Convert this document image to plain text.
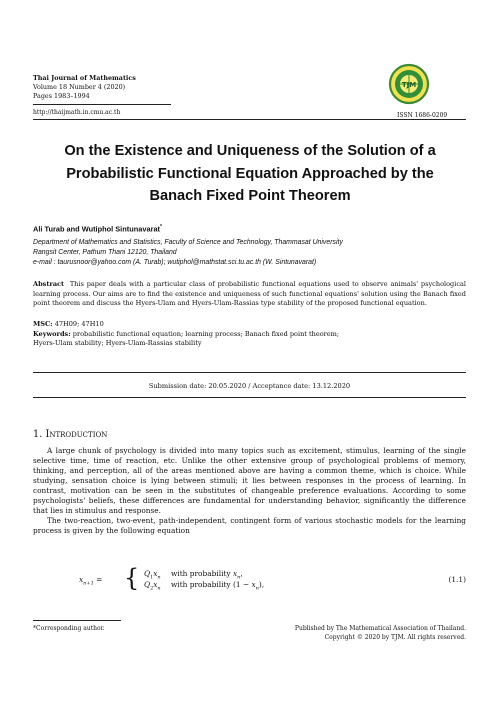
Thai Journal of Mathematics
Volume 18 Number 4 (2020)
Pages 1983–1994
http://thaijmath.in.cmu.ac.th
TJM
ISSN 1686-0209
On the Existence and Uniqueness of the Solution of a
Probabilistic Functional Equation Approached by the
Banach Fixed Point Theorem
Ali Turab and Wutiphol Sintunavarat*
Department of Mathematics and Statistics, Faculty of Science and Technology, Thammasat University
Rangsit Center, Pathum Thani 12120, Thailand
e-mail : taurusnoor@yahoo.com (A. Turab); wutiphol@mathstat.sci.tu.ac.th (W. Sintunavarat)
Abstract This paper deals with a particular class of probabilistic functional equations used to observe animals' psychological learning process. Our aims are to find the existence and uniqueness of such functional equations' solution using the Banach fixed point theorem and discuss the Hyers-Ulam and Hyers-Ulam-Rassias type stability of the proposed functional equation.
MSC: 47H09; 47H10
Keywords: probabilistic functional equation; learning process; Banach fixed point theorem;
Hyers-Ulam stability; Hyers-Ulam-Rassias stability
Submission date: 20.05.2020 / Acceptance date: 13.12.2020
1. Introduction

A large chunk of psychology is divided into many topics such as excitement, stimulus, learning of the single selective time, time of reaction, etc. Unlike the other extensive group of psychological problems of memory, thinking, and perception, all of the areas mentioned above are having a common theme, which is choice. While studying, sensation choice is lying between stimuli; it lies between responses in the process of learning. In contrast, motivation can be seen in the substitutes of changeable preference evaluations. According to some psychologists' beliefs, these differences are fundamental for understanding behavior, significantly the difference that lies in stimulus and response.

The two-reaction, two-event, path-independent, contingent form of various stochastic models for the learning process is given by the following equation

$x_{n+1}$ = { $Q_1x_n$ with probability $x_n$,
$Q_2x_n$ with probability $(1 - x_n)$,
(1.1)
*Corresponding author.	Published by The Mathematical Association of Thailand.
Copyright © 2020 by TJM. All rights reserved.
